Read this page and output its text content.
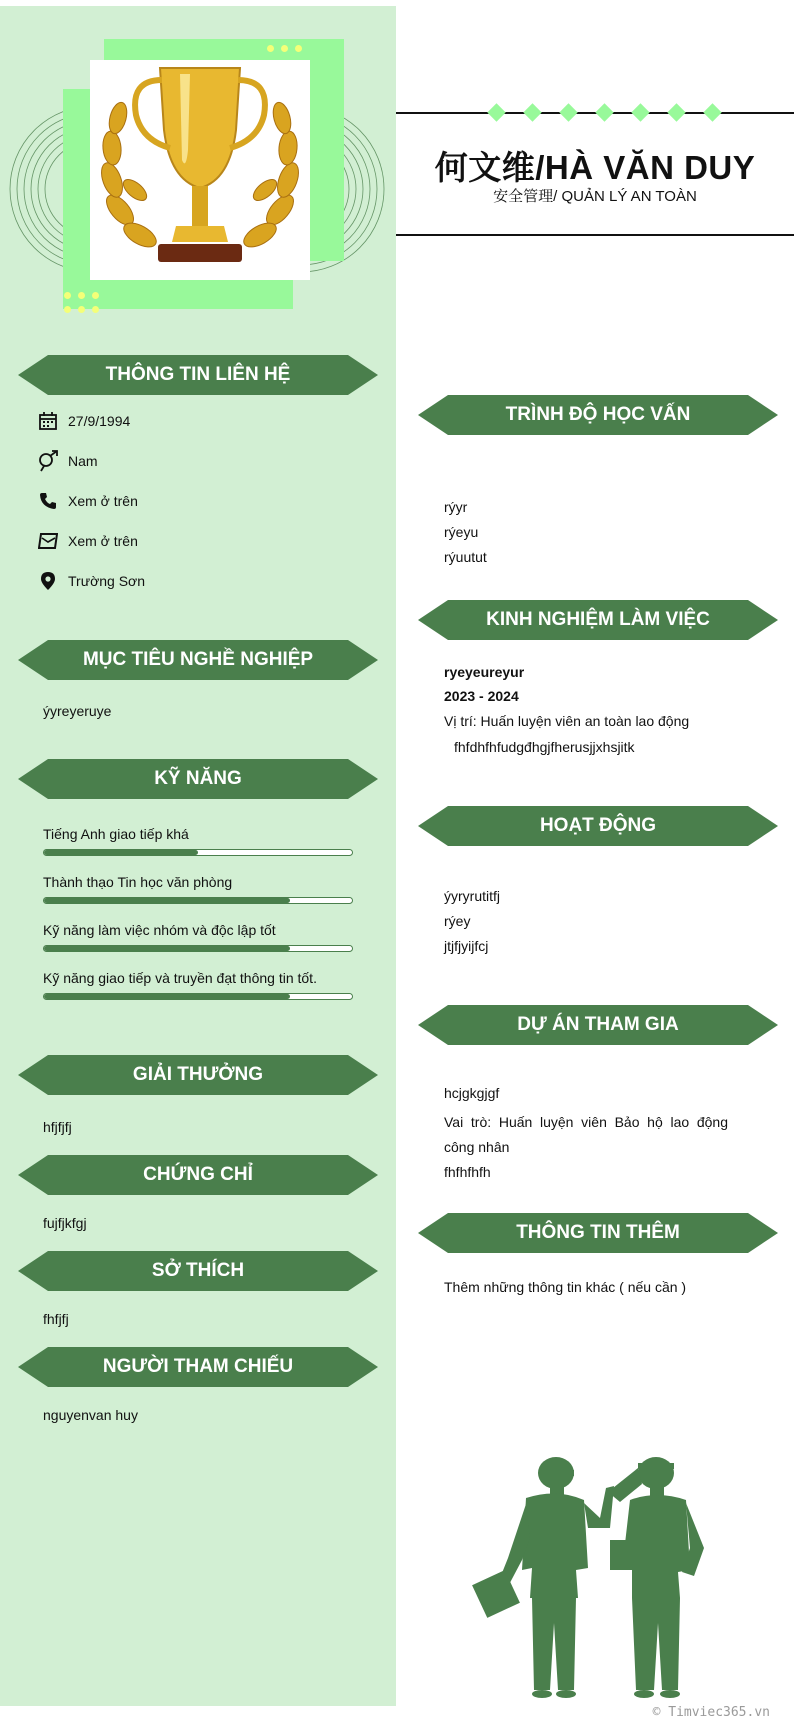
THÔNG TIN LIÊN HỆ
27/9/1994
Nam
Xem ở trên
Xem ở trên
Trường Sơn
MỤC TIÊU NGHỀ NGHIỆP
ýyreyeruye
KỸ NĂNG
Tiếng Anh giao tiếp khá
Thành thạo Tin học văn phòng
Kỹ năng làm việc nhóm và độc lập tốt
Kỹ năng giao tiếp và truyền đạt thông tin tốt.
GIẢI THƯỞNG
hfjfjfj
CHỨNG CHỈ
fujfjkfgj
SỞ THÍCH
fhfjfj
NGƯỜI THAM CHIẾU
nguyenvan huy
何文维/HÀ VĂN DUY
安全管理/ QUẢN LÝ AN TOÀN
TRÌNH ĐỘ HỌC VẤN
rýyr
rýeyu
rýuutut
KINH NGHIỆM LÀM VIỆC
ryeyeureyur
2023 - 2024
Vị trí: Huấn luyện viên an toàn lao động
fhfdhfhfudgđhgjfherusjjxhsjitk
HOẠT ĐỘNG
ýyryrutitfj
rýey
jtjfjyijfcj
DỰ ÁN THAM GIA
hcjgkgjgf
Vai trò: Huấn luyện viên Bảo hộ lao động công nhân
fhfhfhfh
THÔNG TIN THÊM
Thêm những thông tin khác ( nếu cần )
© Timviec365.vn
